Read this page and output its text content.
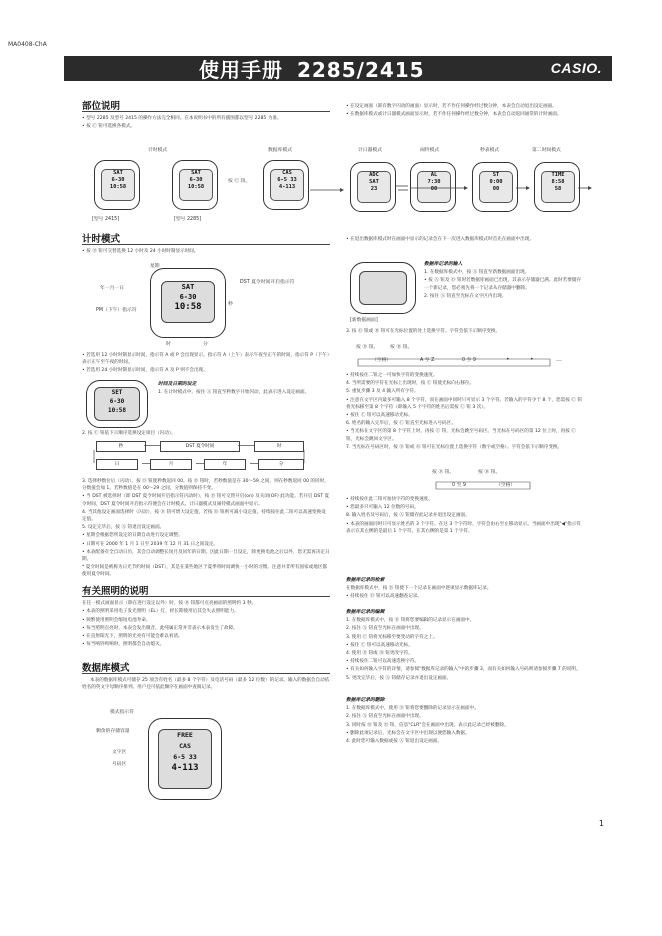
MA0408-ChA
使用手册 2285/2415	CASIO.
部位说明

• 型号 2285 及型号 2415 的操作方法完全相同。在本说明书中的所有插图都以型号 2285 为准。

• 按 Ⓒ 钮可选换各模式。

计时模式	数据库模式	计日器模式	闹铃模式	秒表模式	第二时间模式
SAT
6-30
10:58
SAT
6-30
10:58
按 Ⓒ 钮。
CAS
6-5 33
4-113
ADC
SAT
23
AL
7:30
00
ST
0:00
00
TIME
8:58
58
[型号 2415]	[型号 2285]

• 在设定画面（即有数字闪动的画面）显示时，若不作任何操作经过数分钟，本表会自动退出设定画面。

• 在数据库模式或计日器模式画面显示时，若不作任何操作经过数分钟，本表会自动返回通常的计时画面。

计时模式

• 按 Ⓓ 钮可交替选换 12 小时及 24 小时时制显示时间。

SAT
6-30
10:58
星期
年一月一日
PM（下午）指示符
时	分
秒
DST 夏令时间开启指示符

• 若选用 12 小时时制显示时间，指示符 A 或 P 会出现显示。指示符 A（上午）表示午夜至正午的时间，指示符 P（下午）表示正午至午夜的时间。

• 若选用 24 小时时制显示时间，指示符 A 及 P 则不会出现。

SET
6-30
10:58
时间及日期的设定

1. 在计时模式中，按住 Ⓐ 钮直至秒数字开始闪动，此表示进入设定画面。

2. 按 Ⓒ 钮依下示顺序选换设定项目（闪动）。

秒	DST 夏令时间	时
日	月	年	分

3. 选择秒数位后（闪动），按 Ⓓ 钮使秒数返回 00。按 Ⓓ 钮时，若秒数值是在 30～59 之间，则在秒数返回 00 的同时，分数值会加 1。若秒数值是在 00～29 之间，分数值则保持不变。

• 当 DST 被选择时（即 DST 夏令时间开启指示符闪动时），按 Ⓓ 钮可交替开启(on) 及关闭(OF) 此功能。若开启 DST 夏令时间，DST 夏令时间开启指示符便会在计时模式、计日器模式及闹铃模式画面中显示。

4. 当其他设定画面选择时（闪动），按 Ⓓ 钮可增大设定值。若按 Ⓑ 钮则可减小设定值。持续按住此二钮可以高速变换设定值。

5. 设定完毕后，按 Ⓐ 钮退出设定画面。

• 星期会根据您所设定的日期自动进行设定调整。

• 日期可在 2000 年 1 月 1 日至 2039 年 12 月 31 日之间设定。

• 本表配备有全自动日历，其会自动调整长短月及闰年的日期。因此日期一旦设定，除更换电池之后以外，您无需再决定日期。

* 夏令时间是被称为日光节约时间（DST），其是在某些地区于夏季将时间调快一小时的习惯。注意并非所有国家或地区都使用夏令时间。

有关照明的说明

在任一模式画面显示（除在进行设定以外）时，按 Ⓑ 钮都可点亮画面的照明约 3 秒。

• 本表的照明采用电子发光照明（EL）灯，经长期使用后其会失去照明能力。

• 频繁使用照明会缩短电池寿命。

• 每当照明点亮时，本表会发出微音，此纯属正常并非表示本表发生了故障。

• 在直射阳光下，照明的光亮有可能会难以看清。

• 每当响铃鸣响时，照明都会自动熄灭。

数据库模式

本表的数据库模式可储存 25 项含有姓名（最多 8 个字符）及电话号码（最多 12 位数）的记录。输入的数据会自动依姓名的英文字母顺序排列。用户还可依此顺序在画面中查阅记录。

FREE
CAS
6-5 33
4-113
模式指示符
剩余的存储容量
文字区
号码区

• 在退出数据库模式时在画面中显示的记录会在下一次进入数据库模式时首先在画面中出现。

[新数据画面]
数据库记录的输入

1. 在数据库模式中，按 Ⓐ 钮直至新数据画面出现。

• 按 Ⓐ 钮及 Ⓓ 钮时若数据库画面已出现，其表示存储器已满。此时若要储存一个新记录，您必须先将一个记录从存储器中删除。

2. 按住 Ⓐ 钮直至光标在文字区内出现。

3. 按 Ⓓ 钮或 Ⓑ 钮可在光标位置的处上选换字符。字符会依下示顺序变换。

按 Ⓓ 钮。 按 Ⓑ 钮。
（空格）	A 至 Z	0 至 9	•	•	…

• 持续按住二钮之一可加快字符的变换速度。

4. 当所需要的字符在光标上出现时，按 Ⓒ 钮使光标向右移位。

5. 重复步骤 3 及 4 输入所有字符。

• 注意在文字区内最多可输入 8 个字符，而在画面中同时只可显示 3 个字符。若输入的字符少于 8 个，您需按 Ⓒ 钮将光标移至第 8 个字符（即输入 5 个字符的姓名后需按 Ⓒ 钮 3 次）。

• 按住 Ⓒ 钮可以高速移动光标。

6. 姓名的输入完毕后，按 Ⓒ 钮直至光标进入号码区。

• 当光标在文字区的第 8 个字符上时，再按 Ⓒ 钮，光标会跳至号码区。当光标在号码区的第 12 位上时，再按 Ⓒ 钮，光标会跳回文字区。

7. 当光标在号码区时，按 Ⓓ 钮或 Ⓑ 钮可在光标位置上选换字符（数字或空格）。字符会依下示顺序变换。

按 Ⓓ 钮。	按 Ⓑ 钮。
0 至 9	（空格）

• 持续按住此二钮可加快字符的变换速度。

• 您最多只可输入 12 位数的号码。

8. 输入姓名及号码后，按 Ⓐ 钮储存此记录并退出设定画面。

• 本表的画面同时只可显示姓名的 3 个字符。在这 3 个字符时，字符会由右至左移动显示。当画面中出现"◀"指示符表示在其左侧的是最后 1 个字符，在其右侧的是第 1 个字符。

数据库记录的检索

在数据库模式中，按 Ⓓ 钮使下一个记录在画面中逐项显示数据库记录。

• 持续按住 Ⓓ 钮可以高速翻查记录。

数据库记录的编辑

1. 在数据库模式中，按 Ⓓ 钮将您要编辑的记录显示在画面中。

2. 按住 Ⓐ 钮直至光标在画面中出现。

3. 使用 Ⓒ 钮将光标移至要变动的字符之上。

• 按住 Ⓒ 钮可以高速移动光标。

4. 使用 Ⓓ 钮或 Ⓑ 钮更改字符。

• 持续按住二钮可以高速选换字符。

• 有关如何输入字符的详情，请参阅"数据库记录的输入"中的步骤 3，而有关如何输入号码则请参阅步骤 7 的说明。

5. 更改完毕后，按 Ⓐ 钮储存记录并退出设定画面。

数据库记录的删除

1. 在数据库模式中，使用 Ⓓ 钮将您要删除的记录显示在画面中。

2. 按住 Ⓐ 钮直至光标在画面中出现。

3. 同时按 Ⓑ 钮及 Ⓓ 钮，信息"CLR"会在画面中出现，表示此记录已经被删除。

• 删除此项记录后，光标会在文字区中出现以便您输入数据。

4. 此时您可输入数据或按 Ⓐ 钮退出设定画面。

1
